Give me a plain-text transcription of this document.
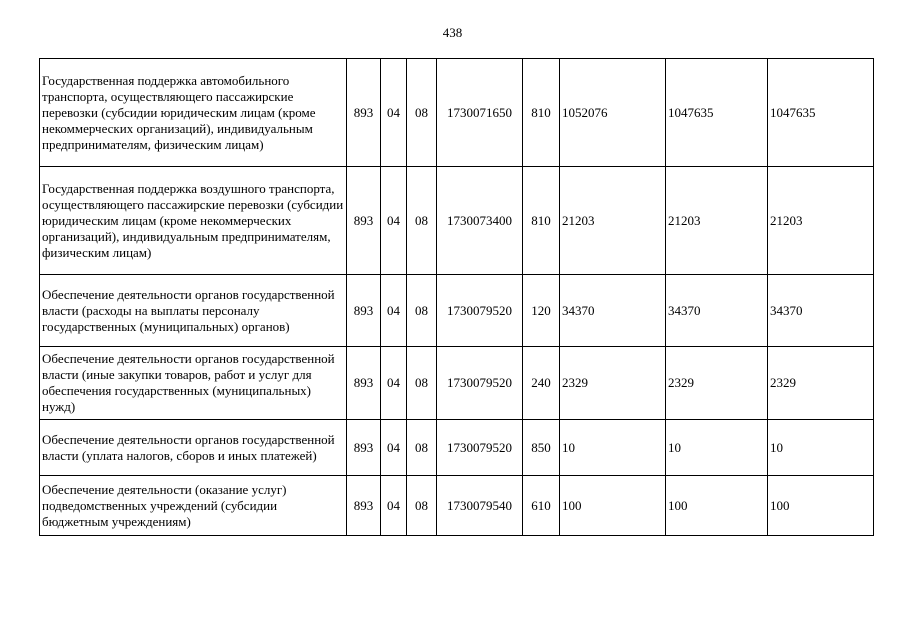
438
Государственная поддержка автомобильного транспорта, осуществляющего пассажирские перевозки (субсидии юридическим лицам (кроме некоммерческих организаций), индивидуальным предпринимателям, физическим лицам)	893	04	08	1730071650	810	1052076	1047635	1047635
Государственная поддержка воздушного транспорта, осуществляющего пассажирские перевозки (субсидии юридическим лицам (кроме некоммерческих организаций), индивидуальным предпринимателям, физическим лицам)	893	04	08	1730073400	810	21203	21203	21203
Обеспечение деятельности органов государственной власти (расходы на выплаты персоналу государственных (муниципальных) органов)	893	04	08	1730079520	120	34370	34370	34370
Обеспечение деятельности органов государственной власти (иные закупки товаров, работ и услуг для обеспечения государственных (муниципальных) нужд)	893	04	08	1730079520	240	2329	2329	2329
Обеспечение деятельности органов государственной власти (уплата налогов, сборов и иных платежей)	893	04	08	1730079520	850	10	10	10
Обеспечение деятельности (оказание услуг) подведомственных учреждений (субсидии бюджетным учреждениям)	893	04	08	1730079540	610	100	100	100
